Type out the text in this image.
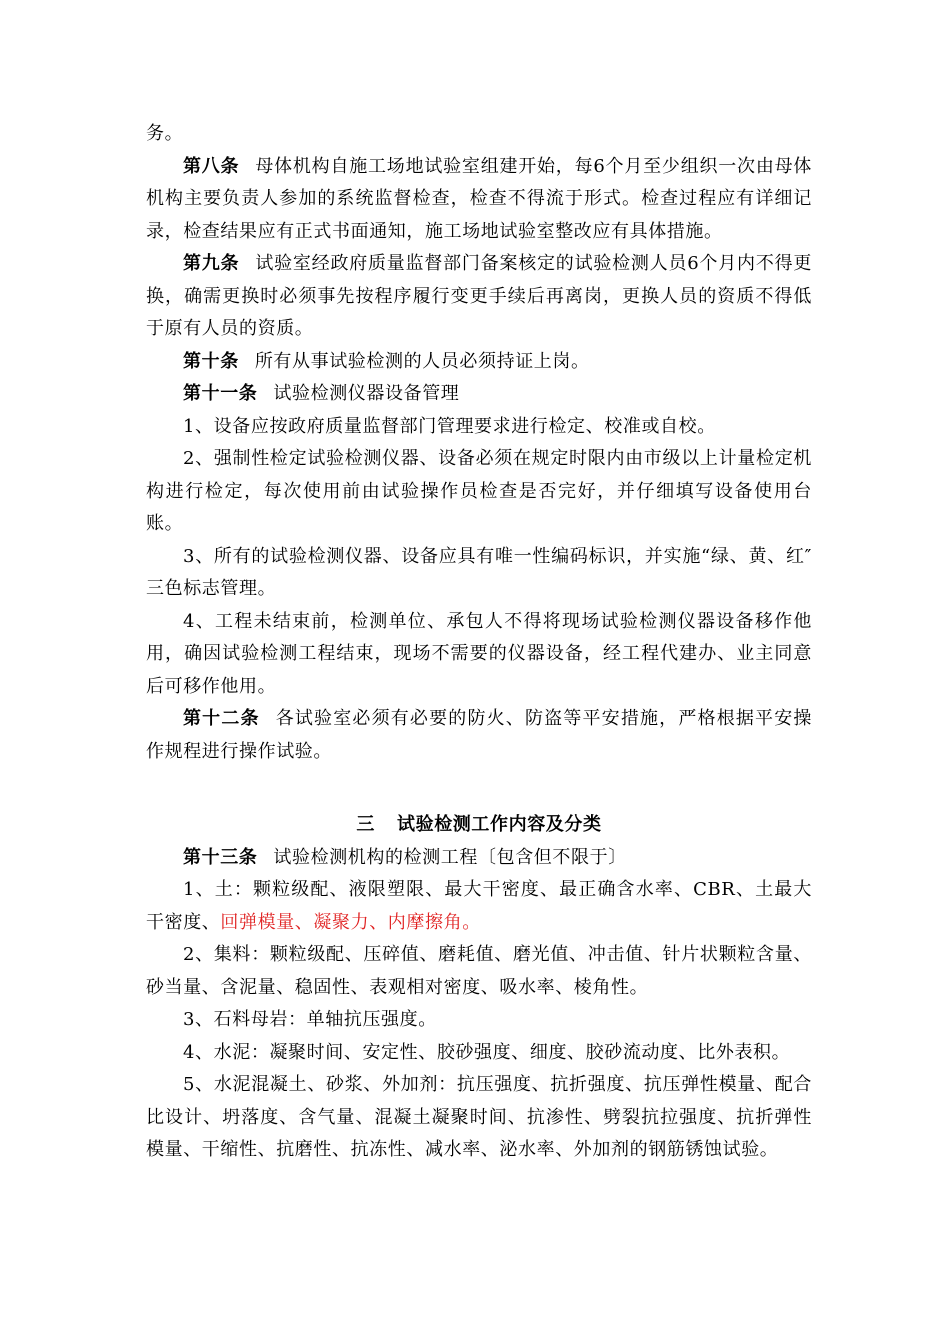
务。

第八条 母体机构自施工场地试验室组建开始，每6个月至少组织一次由母体机构主要负责人参加的系统监督检查，检查不得流于形式。检查过程应有详细记录，检查结果应有正式书面通知，施工场地试验室整改应有具体措施。

第九条 试验室经政府质量监督部门备案核定的试验检测人员6个月内不得更换，确需更换时必须事先按程序履行变更手续后再离岗，更换人员的资质不得低于原有人员的资质。

第十条 所有从事试验检测的人员必须持证上岗。

第十一条 试验检测仪器设备管理

1、设备应按政府质量监督部门管理要求进行检定、校准或自校。

2、强制性检定试验检测仪器、设备必须在规定时限内由市级以上计量检定机构进行检定，每次使用前由试验操作员检查是否完好，并仔细填写设备使用台账。

3、所有的试验检测仪器、设备应具有唯一性编码标识，并实施“绿、黄、红″三色标志管理。

4、工程未结束前，检测单位、承包人不得将现场试验检测仪器设备移作他用，确因试验检测工程结束，现场不需要的仪器设备，经工程代建办、业主同意后可移作他用。

第十二条 各试验室必须有必要的防火、防盗等平安措施，严格根据平安操作规程进行操作试验。

三 试验检测工作内容及分类

第十三条 试验检测机构的检测工程〔包含但不限于〕

1、土：颗粒级配、液限塑限、最大干密度、最正确含水率、CBR、土最大干密度、回弹模量、凝聚力、内摩擦角。

2、集料：颗粒级配、压碎值、磨耗值、磨光值、冲击值、针片状颗粒含量、砂当量、含泥量、稳固性、表观相对密度、吸水率、棱角性。

3、石料母岩：单轴抗压强度。

4、水泥：凝聚时间、安定性、胶砂强度、细度、胶砂流动度、比外表积。

5、水泥混凝土、砂浆、外加剂：抗压强度、抗折强度、抗压弹性模量、配合比设计、坍落度、含气量、混凝土凝聚时间、抗渗性、劈裂抗拉强度、抗折弹性模量、干缩性、抗磨性、抗冻性、减水率、泌水率、外加剂的钢筋锈蚀试验。
